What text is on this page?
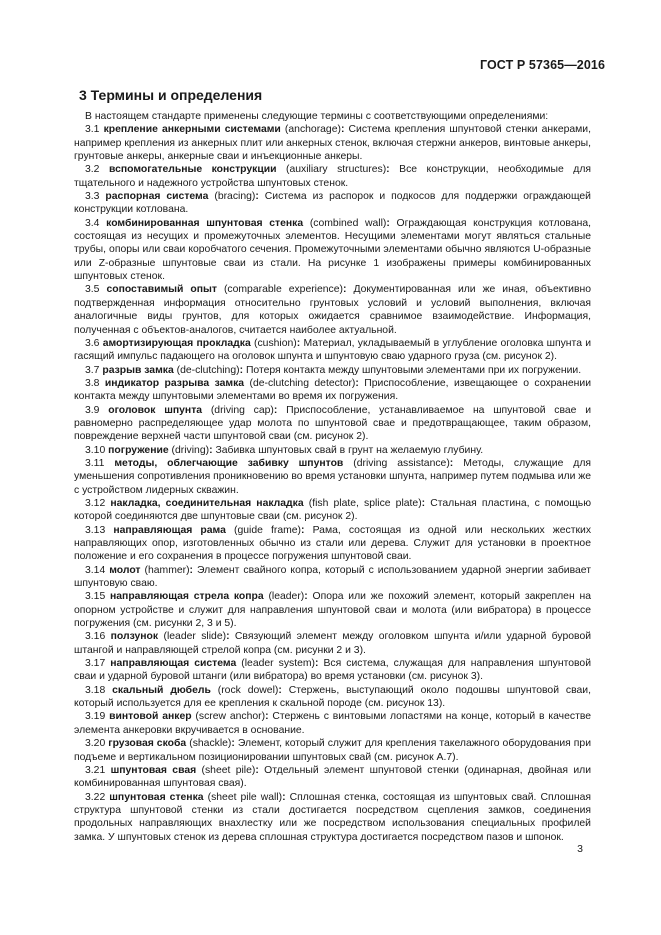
ГОСТ Р 57365—2016
3 Термины и определения

В настоящем стандарте применены следующие термины с соответствующими определениями:

3.1 крепление анкерными системами (anchorage): Система крепления шпунтовой стенки анкерами, например крепления из анкерных плит или анкерных стенок, включая стержни анкеров, винтовые анкеры, грунтовые анкеры, анкерные сваи и инъекционные анкеры.

3.2 вспомогательные конструкции (auxiliary structures): Все конструкции, необходимые для тщательного и надежного устройства шпунтовых стенок.

3.3 распорная система (bracing): Система из распорок и подкосов для поддержки ограждающей конструкции котлована.

3.4 комбинированная шпунтовая стенка (combined wall): Ограждающая конструкция котлована, состоящая из несущих и промежуточных элементов. Несущими элементами могут являться стальные трубы, опоры или сваи коробчатого сечения. Промежуточными элементами обычно являются U-образные или Z-образные шпунтовые сваи из стали. На рисунке 1 изображены примеры комбинированных шпунтовых стенок.

3.5 сопоставимый опыт (comparable experience): Документированная или же иная, объективно подтвержденная информация относительно грунтовых условий и условий выполнения, включая аналогичные виды грунтов, для которых ожидается сравнимое взаимодействие. Информация, полученная с объектов-аналогов, считается наиболее актуальной.

3.6 амортизирующая прокладка (cushion): Материал, укладываемый в углубление оголовка шпунта и гасящий импульс падающего на оголовок шпунта и шпунтовую сваю ударного груза (см. рисунок 2).

3.7 разрыв замка (de-clutching): Потеря контакта между шпунтовыми элементами при их погружении.

3.8 индикатор разрыва замка (de-clutching detector): Приспособление, извещающее о сохранении контакта между шпунтовыми элементами во время их погружения.

3.9 оголовок шпунта (driving cap): Приспособление, устанавливаемое на шпунтовой свае и равномерно распределяющее удар молота по шпунтовой свае и предотвращающее, таким образом, повреждение верхней части шпунтовой сваи (см. рисунок 2).

3.10 погружение (driving): Забивка шпунтовых свай в грунт на желаемую глубину.

3.11 методы, облегчающие забивку шпунтов (driving assistance): Методы, служащие для уменьшения сопротивления проникновению во время установки шпунта, например путем подмыва или же с устройством лидерных скважин.

3.12 накладка, соединительная накладка (fish plate, splice plate): Стальная пластина, с помощью которой соединяются две шпунтовые сваи (см. рисунок 2).

3.13 направляющая рама (guide frame): Рама, состоящая из одной или нескольких жестких направляющих опор, изготовленных обычно из стали или дерева. Служит для установки в проектное положение и его сохранения в процессе погружения шпунтовой сваи.

3.14 молот (hammer): Элемент свайного копра, который с использованием ударной энергии забивает шпунтовую сваю.

3.15 направляющая стрела копра (leader): Опора или же похожий элемент, который закреплен на опорном устройстве и служит для направления шпунтовой сваи и молота (или вибратора) в процессе погружения (см. рисунки 2, 3 и 5).

3.16 ползунок (leader slide): Связующий элемент между оголовком шпунта и/или ударной буровой штангой и направляющей стрелой копра (см. рисунки 2 и 3).

3.17 направляющая система (leader system): Вся система, служащая для направления шпунтовой сваи и ударной буровой штанги (или вибратора) во время установки (см. рисунок 3).

3.18 скальный дюбель (rock dowel): Стержень, выступающий около подошвы шпунтовой сваи, который используется для ее крепления к скальной породе (см. рисунок 13).

3.19 винтовой анкер (screw anchor): Стержень с винтовыми лопастями на конце, который в качестве элемента анкеровки вкручивается в основание.

3.20 грузовая скоба (shackle): Элемент, который служит для крепления такелажного оборудования при подъеме и вертикальном позиционировании шпунтовых свай (см. рисунок А.7).

3.21 шпунтовая свая (sheet pile): Отдельный элемент шпунтовой стенки (одинарная, двойная или комбинированная шпунтовая свая).

3.22 шпунтовая стенка (sheet pile wall): Сплошная стенка, состоящая из шпунтовых свай. Сплошная структура шпунтовой стенки из стали достигается посредством сцепления замков, соединения продольных направляющих внахлестку или же посредством использования специальных профилей замка. У шпунтовых стенок из дерева сплошная структура достигается посредством пазов и шпонок.

3
